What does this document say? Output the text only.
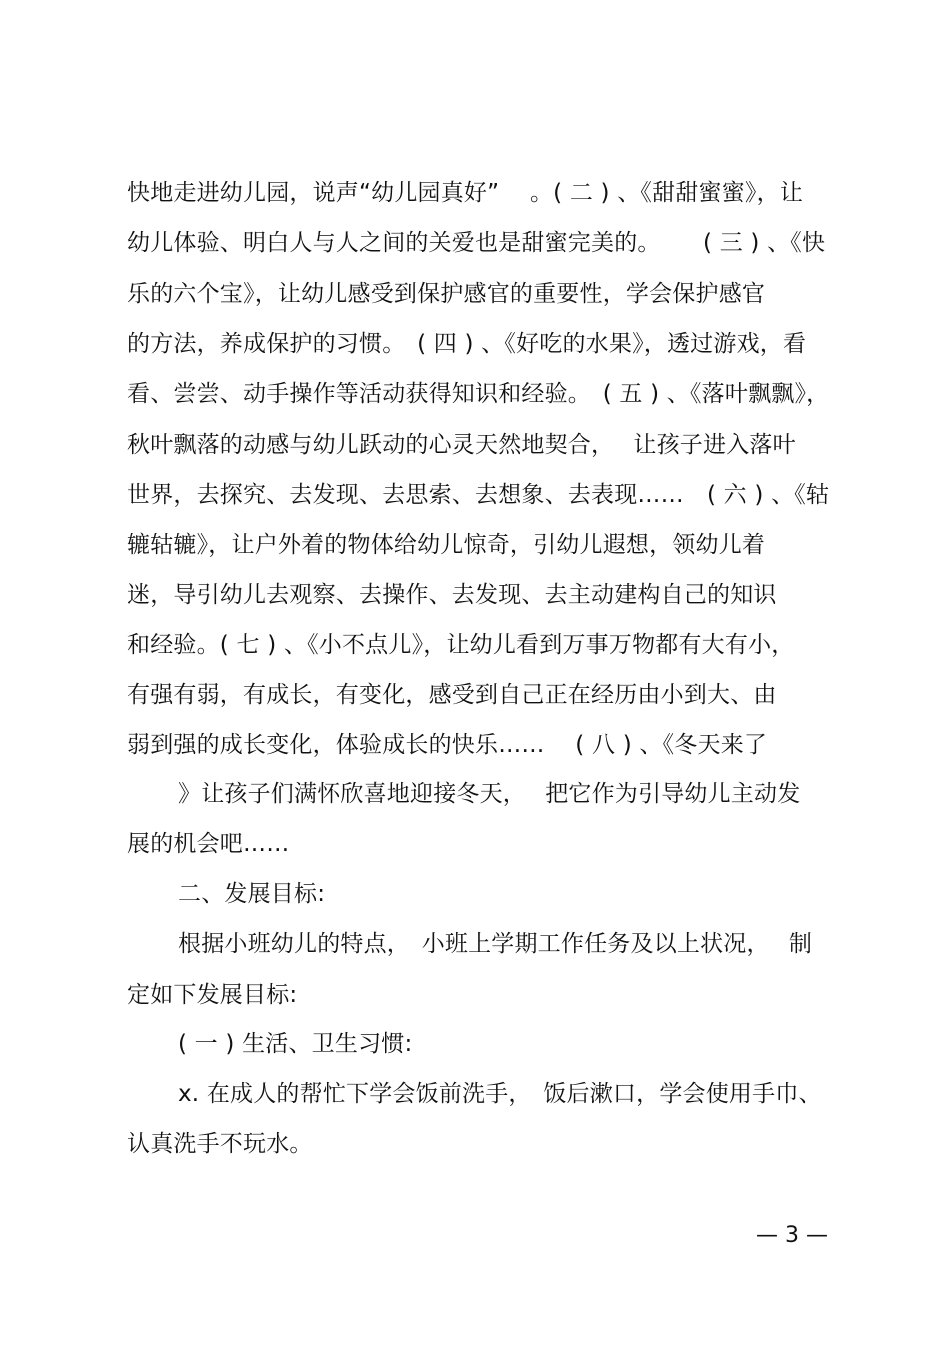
快地走进幼儿园，说声“幼儿园真好”　 。( 二 ) 、《甜甜蜜蜜》，让
幼儿体验、明白人与人之间的关爱也是甜蜜完美的。　　 ( 三 ) 、《快
乐的六个宝》，让幼儿感受到保护感官的重要性，学会保护感官
的方法，养成保护的习惯。　( 四 ) 、《好吃的水果》，透过游戏，看
看、尝尝、动手操作等活动获得知识和经验。　( 五 ) 、《落叶飘飘》，
秋叶飘落的动感与幼儿跃动的心灵天然地契合，　 让孩子进入落叶
世界，去探究、去发现、去思索、去想象、去表现……　( 六 ) 、《轱
辘轱辘》，让户外着的物体给幼儿惊奇，引幼儿遐想，领幼儿着
迷，导引幼儿去观察、去操作、去发现、去主动建构自己的知识
和经验。( 七 ) 、《小不点儿》，让幼儿看到万事万物都有大有小，
有强有弱，有成长，有变化，感受到自己正在经历由小到大、由
弱到强的成长变化，体验成长的快乐……　 ( 八 ) 、《冬天来了
》让孩子们满怀欣喜地迎接冬天，　 把它作为引导幼儿主动发
展的机会吧……
二、发展目标:
根据小班幼儿的特点，　小班上学期工作任务及以上状况，　 制
定如下发展目标:
( 一 ) 生活、卫生习惯:
x. 在成人的帮忙下学会饭前洗手，　饭后漱口，学会使用手巾、
认真洗手不玩水。
— 3 —
